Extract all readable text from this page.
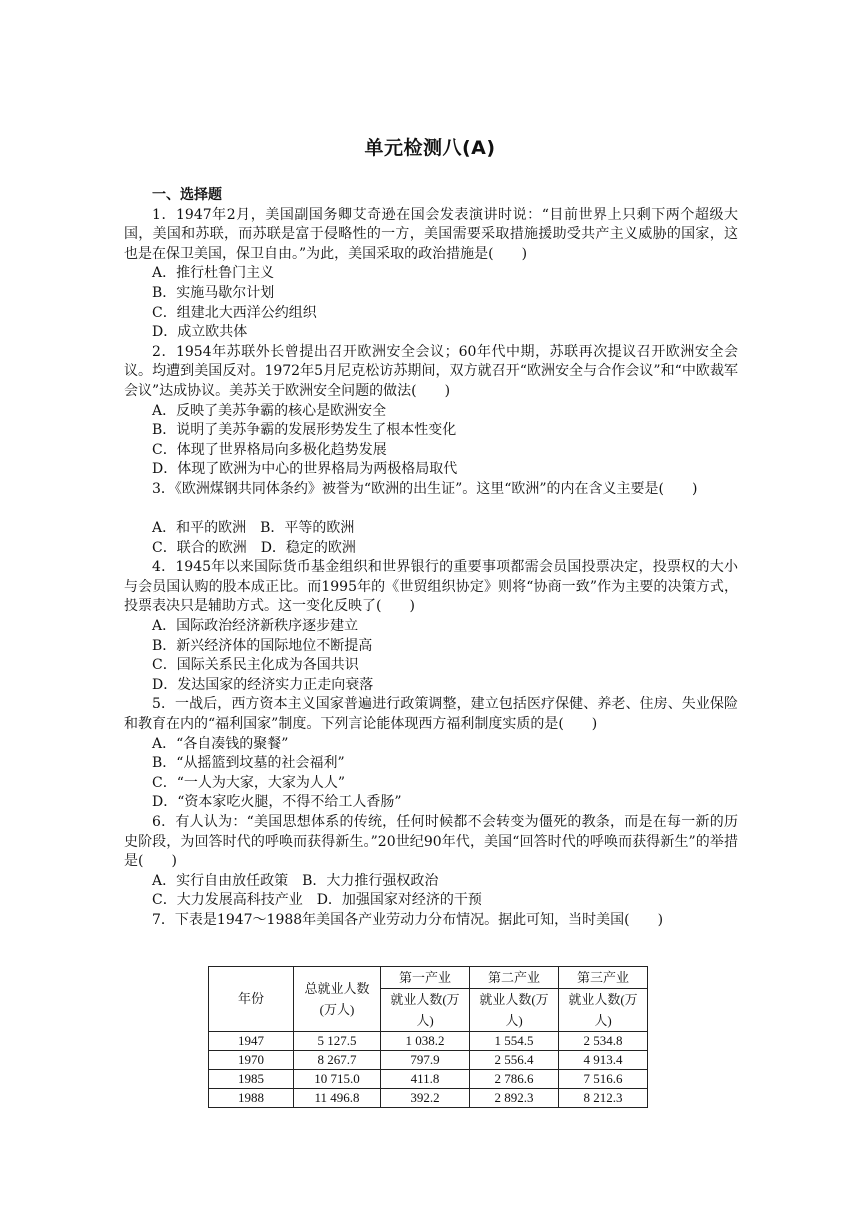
单元检测八(A)
一、选择题

1．1947年2月，美国副国务卿艾奇逊在国会发表演讲时说：“目前世界上只剩下两个超级大国，美国和苏联，而苏联是富于侵略性的一方，美国需要采取措施援助受共产主义威胁的国家，这也是在保卫美国，保卫自由。”为此，美国采取的政治措施是(　　)

A．推行杜鲁门主义

B．实施马歇尔计划

C．组建北大西洋公约组织

D．成立欧共体

2．1954年苏联外长曾提出召开欧洲安全会议；60年代中期，苏联再次提议召开欧洲安全会议。均遭到美国反对。1972年5月尼克松访苏期间，双方就召开“欧洲安全与合作会议”和“中欧裁军会议”达成协议。美苏关于欧洲安全问题的做法(　　)

A．反映了美苏争霸的核心是欧洲安全

B．说明了美苏争霸的发展形势发生了根本性变化

C．体现了世界格局向多极化趋势发展

D．体现了欧洲为中心的世界格局为两极格局取代

3．《欧洲煤钢共同体条约》被誉为“欧洲的出生证”。这里“欧洲”的内在含义主要是(　　)

A．和平的欧洲　B．平等的欧洲

C．联合的欧洲　D．稳定的欧洲

4．1945年以来国际货币基金组织和世界银行的重要事项都需会员国投票决定，投票权的大小与会员国认购的股本成正比。而1995年的《世贸组织协定》则将“协商一致”作为主要的决策方式，投票表决只是辅助方式。这一变化反映了(　　)

A．国际政治经济新秩序逐步建立

B．新兴经济体的国际地位不断提高

C．国际关系民主化成为各国共识

D．发达国家的经济实力正走向衰落

5．一战后，西方资本主义国家普遍进行政策调整，建立包括医疗保健、养老、住房、失业保险和教育在内的“福利国家”制度。下列言论能体现西方福利制度实质的是(　　)

A．“各自凑钱的聚餐”

B．“从摇篮到坟墓的社会福利”

C．“一人为大家，大家为人人”

D．“资本家吃火腿，不得不给工人香肠”

6．有人认为：“美国思想体系的传统，任何时候都不会转变为僵死的教条，而是在每一新的历史阶段，为回答时代的呼唤而获得新生。”20世纪90年代，美国“回答时代的呼唤而获得新生”的举措是(　　)

A．实行自由放任政策　B．大力推行强权政治

C．大力发展高科技产业　D．加强国家对经济的干预

7．下表是1947～1988年美国各产业劳动力分布情况。据此可知，当时美国(　　)

年份	总就业人数(万人)	第一产业	第二产业	第三产业
		就业人数(万人)	就业人数(万人)	就业人数(万人)

1947	5 127.5	1 038.2	1 554.5	2 534.8
1970	8 267.7	797.9	2 556.4	4 913.4
1985	10 715.0	411.8	2 786.6	7 516.6
1988	11 496.8	392.2	2 892.3	8 212.3
